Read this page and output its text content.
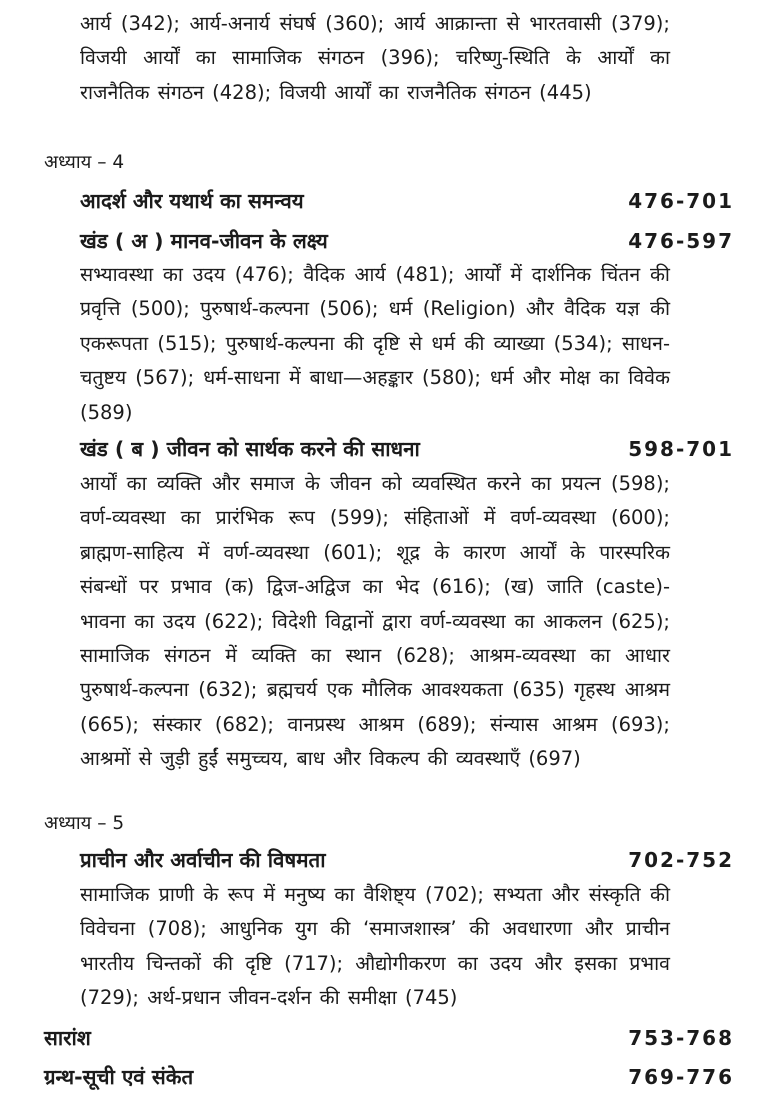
आर्य (342); आर्य-अनार्य संघर्ष (360); आर्य आक्रान्ता से भारतवासी (379); विजयी आर्यों का सामाजिक संगठन (396); चरिष्णु-स्थिति के आर्यों का राजनैतिक संगठन (428); विजयी आर्यों का राजनैतिक संगठन (445)

अध्याय – 4
आदर्श और यथार्थ का समन्वय	476-701
खंड ( अ ) मानव-जीवन के लक्ष्य	476-597

सभ्यावस्था का उदय (476); वैदिक आर्य (481); आर्यों में दार्शनिक चिंतन की प्रवृत्ति (500); पुरुषार्थ-कल्पना (506); धर्म (Religion) और वैदिक यज्ञ की एकरूपता (515); पुरुषार्थ-कल्पना की दृष्टि से धर्म की व्याख्या (534); साधन-चतुष्टय (567); धर्म-साधना में बाधा—अहङ्कार (580); धर्म और मोक्ष का विवेक (589)

खंड ( ब ) जीवन को सार्थक करने की साधना	598-701

आर्यों का व्यक्ति और समाज के जीवन को व्यवस्थित करने का प्रयत्न (598); वर्ण-व्यवस्था का प्रारंभिक रूप (599); संहिताओं में वर्ण-व्यवस्था (600); ब्राह्मण-साहित्य में वर्ण-व्यवस्था (601); शूद्र के कारण आर्यों के पारस्परिक संबन्धों पर प्रभाव (क) द्विज-अद्विज का भेद (616); (ख) जाति (caste)-भावना का उदय (622); विदेशी विद्वानों द्वारा वर्ण-व्यवस्था का आकलन (625); सामाजिक संगठन में व्यक्ति का स्थान (628); आश्रम-व्यवस्था का आधार पुरुषार्थ-कल्पना (632); ब्रह्मचर्य एक मौलिक आवश्यकता (635) गृहस्थ आश्रम (665); संस्कार (682); वानप्रस्थ आश्रम (689); संन्यास आश्रम (693); आश्रमों से जुड़ी हुईं समुच्चय, बाध और विकल्प की व्यवस्थाएँ (697)

अध्याय – 5
प्राचीन और अर्वाचीन की विषमता	702-752

सामाजिक प्राणी के रूप में मनुष्य का वैशिष्ट्य (702); सभ्यता और संस्कृति की विवेचना (708); आधुनिक युग की ‘समाजशास्त्र’ की अवधारणा और प्राचीन भारतीय चिन्तकों की दृष्टि (717); औद्योगीकरण का उदय और इसका प्रभाव (729); अर्थ-प्रधान जीवन-दर्शन की समीक्षा (745)

सारांश	753-768
ग्रन्थ-सूची एवं संकेत	769-776
